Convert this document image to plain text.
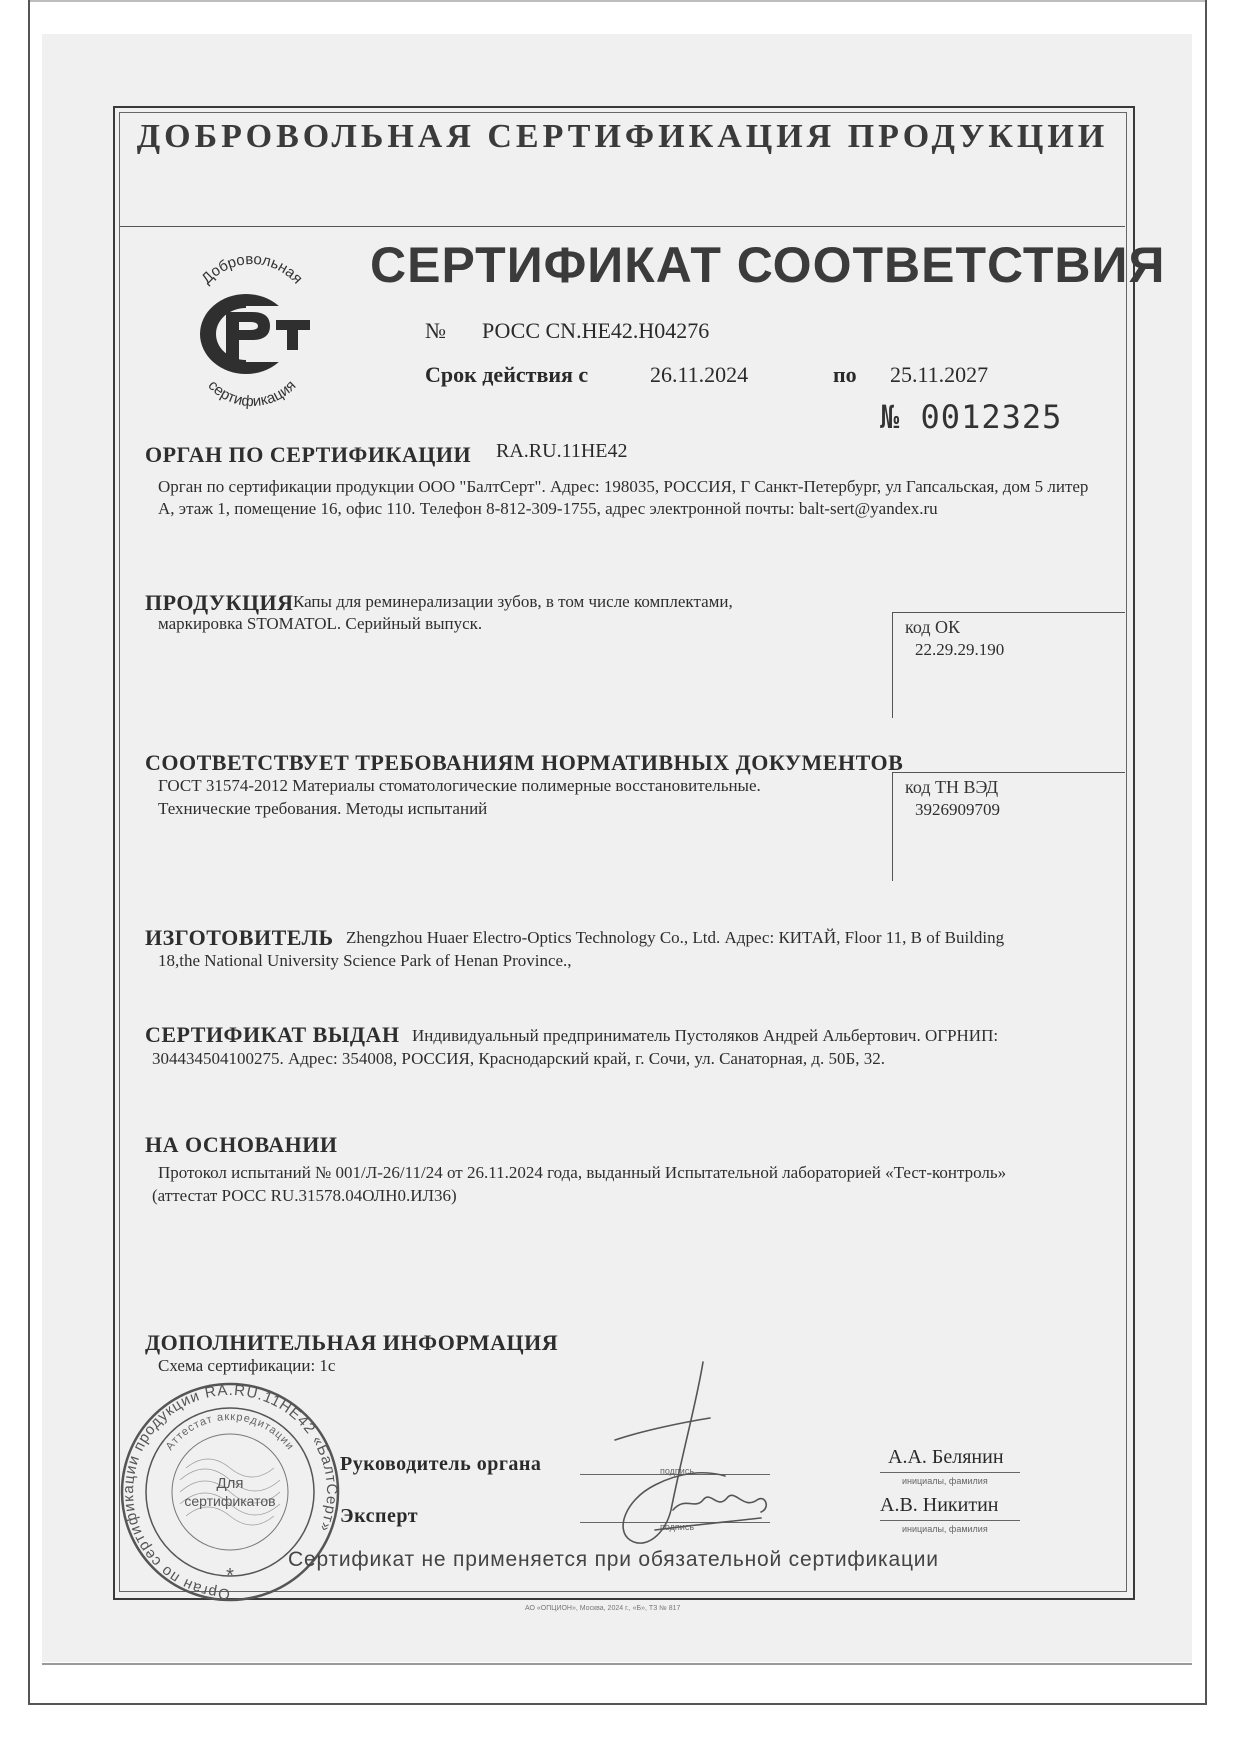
ДОБРОВОЛЬНАЯ СЕРТИФИКАЦИЯ ПРОДУКЦИИ
СЕРТИФИКАТ СООТВЕТСТВИЯ
Добровольная
сертификация
№ РОСС CN.HE42.H04276
Срок действия с	26.11.2024	по 25.11.2027
№ 0012325
ОРГАН ПО СЕРТИФИКАЦИИ RA.RU.11HE42
Орган по сертификации продукции ООО "БалтСерт". Адрес: 198035, РОССИЯ, Г Санкт-Петербург, ул Гапсальская, дом 5 литер А, этаж 1, помещение 16, офис 110. Телефон 8-812-309-1755, адрес электронной почты: balt-sert@yandex.ru
ПРОДУКЦИЯ Капы для реминерализации зубов, в том числе комплектами,
маркировка STOMATOL. Серийный выпуск.	код ОК
22.29.29.190
СООТВЕТСТВУЕТ ТРЕБОВАНИЯМ НОРМАТИВНЫХ ДОКУМЕНТОВ
ГОСТ 31574-2012 Материалы стоматологические полимерные восстановительные.
Технические требования. Методы испытаний
код ТН ВЭД
3926909709
ИЗГОТОВИТЕЛЬ Zhengzhou Huaer Electro-Optics Technology Co., Ltd. Адрес: КИТАЙ, Floor 11, B of Building
18,the National University Science Park of Henan Province.,
СЕРТИФИКАТ ВЫДАН Индивидуальный предприниматель Пустоляков Андрей Альбертович. ОГРНИП:
304434504100275. Адрес: 354008, РОССИЯ, Краснодарский край, г. Сочи, ул. Санаторная, д. 50Б, 32.
НА ОСНОВАНИИ
Протокол испытаний № 001/Л-26/11/24 от 26.11.2024 года, выданный Испытательной лабораторией «Тест-контроль»
(аттестат РОСС RU.31578.04ОЛН0.ИЛ36)
ДОПОЛНИТЕЛЬНАЯ ИНФОРМАЦИЯ
Схема сертификации: 1с
Орган по сертификации продукции RA.RU.11HE42 «БалтСерт»
Аттестат аккредитации
Для
сертификатов
*
Руководитель органа
Эксперт
подпись
подпись
А.А. Белянин
инициалы, фамилия
А.В. Никитин
инициалы, фамилия
Сертификат не применяется при обязательной сертификации
АО «ОПЦИОН», Москва, 2024 г., «Б», ТЗ № 817
